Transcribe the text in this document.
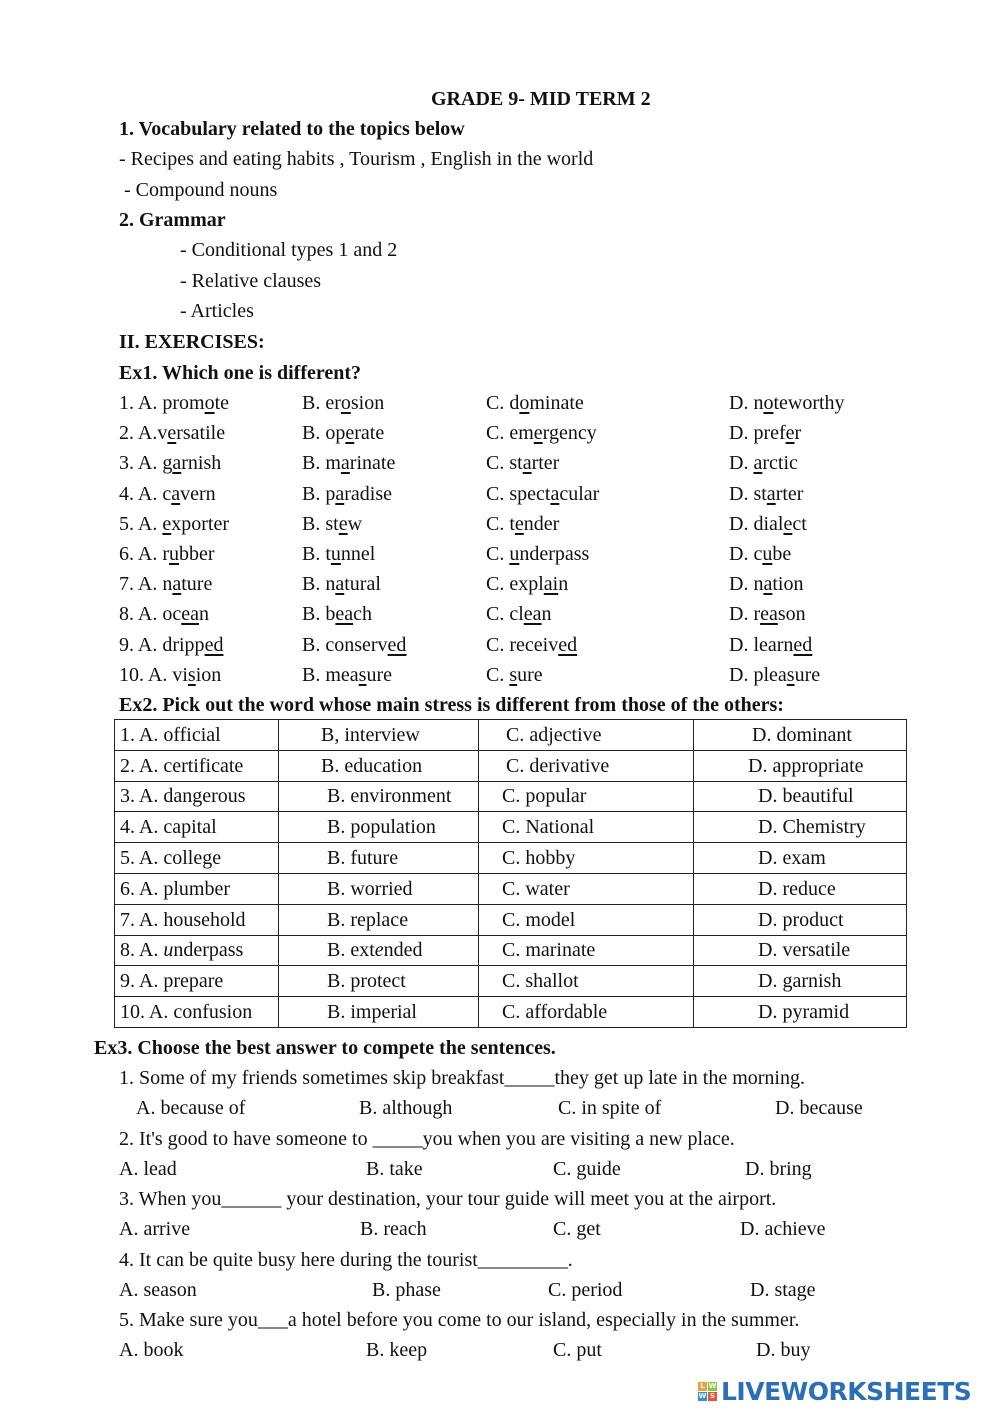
GRADE 9- MID TERM 2
1. Vocabulary related to the topics below
- Recipes and eating habits , Tourism , English in the world
- Compound nouns
2. Grammar
- Conditional types 1 and 2
- Relative clauses
- Articles
II. EXERCISES:
Ex1. Which one is different?
1. A. promote	B. erosion	C. dominate	D. noteworthy
2. A.versatile	B. operate	C. emergency	D. prefer
3. A. garnish	B. marinate	C. starter	D. arctic
4. A. cavern	B. paradise	C. spectacular	D. starter
5. A. exporter	B. stew	C. tender	D. dialect
6. A. rubber	B. tunnel	C. underpass	D. cube
7. A. nature	B. natural	C. explain	D. nation
8. A. ocean	B. beach	C. clean	D. reason
9. A. dripped	B. conserved	C. received	D. learned
10. A. vision	B. measure	C. sure	D. pleasure
Ex2. Pick out the word whose main stress is different from those of the others:
1. A. official	B, interview	C. adjective	D. dominant
2. A. certificate	B. education	C. derivative	D. appropriate
3. A. dangerous	B. environment	C. popular	D. beautiful
4. A. capital	B. population	C. National	D. Chemistry
5. A. college	B. future	C. hobby	D. exam
6. A. plumber	B. worried	C. water	D. reduce
7. A. household	B. replace	C. model	D. product
8. A. underpass	B. extended	C. marinate	D. versatile
9. A. prepare	B. protect	C. shallot	D. garnish
10. A. confusion	B. imperial	C. affordable	D. pyramid
Ex3. Choose the best answer to compete the sentences.
1. Some of my friends sometimes skip breakfast_____they get up late in the morning.
A. because of	B. although	C. in spite of	D. because
2. It's good to have someone to _____you when you are visiting a new place.
A. lead	B. take	C. guide	D. bring
3. When you______ your destination, your tour guide will meet you at the airport.
A. arrive	B. reach	C. get	D. achieve
4. It can be quite busy here during the tourist_________.
A. season	B. phase	C. period	D. stage
5. Make sure you___a hotel before you come to our island, especially in the summer.
A. book	B. keep	C. put	D. buy
L W
W S LIVEWORKSHEETS
